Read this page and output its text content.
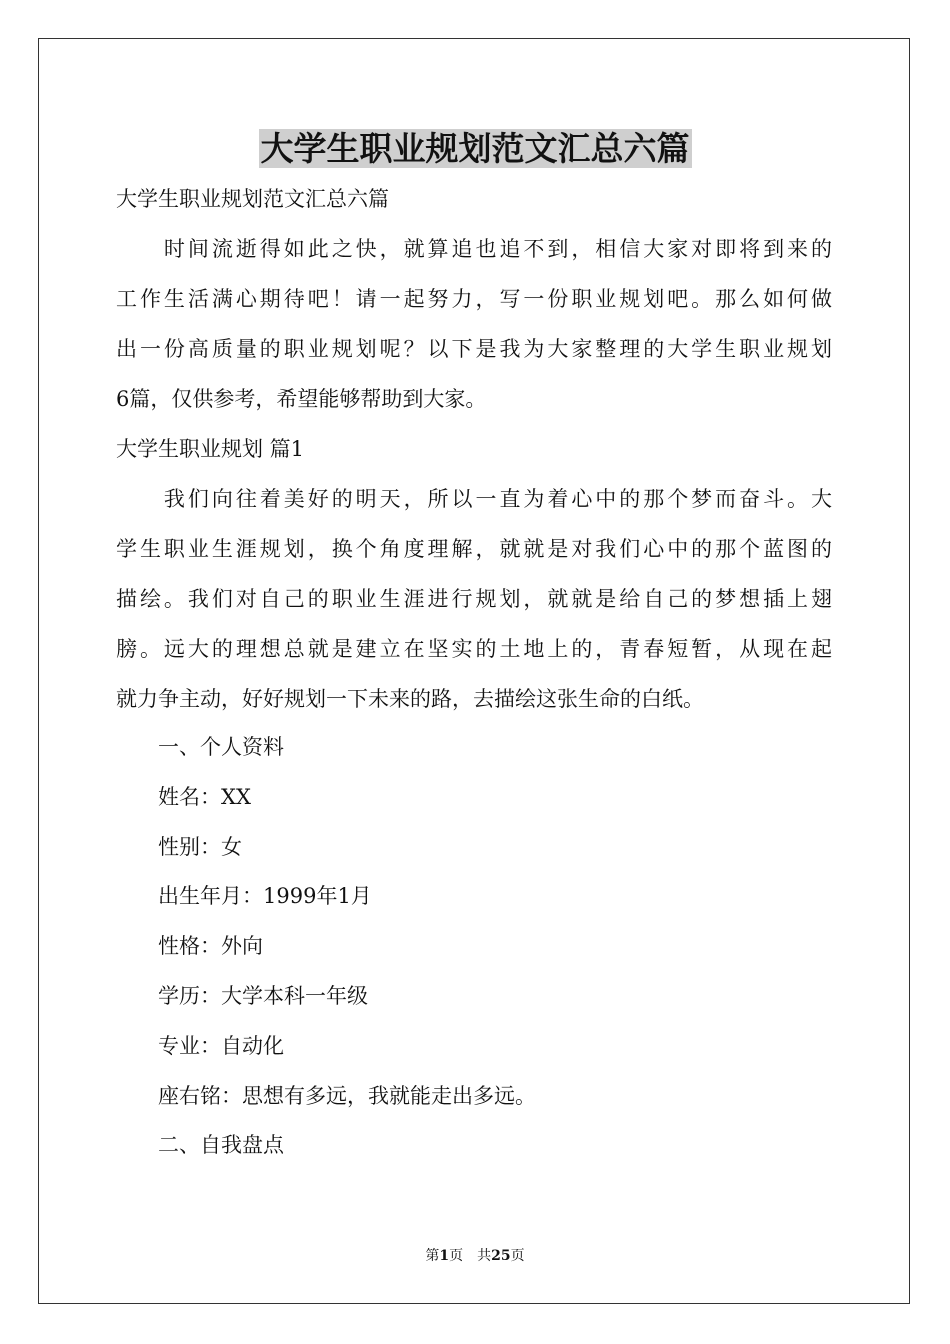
大学生职业规划范文汇总六篇
大学生职业规划范文汇总六篇
　　时间流逝得如此之快，就算追也追不到，相信大家对即将到来的
工作生活满心期待吧！请一起努力，写一份职业规划吧。那么如何做
出一份高质量的职业规划呢？以下是我为大家整理的大学生职业规划
6篇，仅供参考，希望能够帮助到大家。
大学生职业规划 篇1
　　我们向往着美好的明天，所以一直为着心中的那个梦而奋斗。大
学生职业生涯规划，换个角度理解，就就是对我们心中的那个蓝图的
描绘。我们对自己的职业生涯进行规划，就就是给自己的梦想插上翅
膀。远大的理想总就是建立在坚实的土地上的，青春短暂，从现在起
就力争主动，好好规划一下未来的路，去描绘这张生命的白纸。
　　一、个人资料
　　姓名：XX
　　性别：女
　　出生年月：1999年1月
　　性格：外向
　　学历：大学本科一年级
　　专业：自动化
　　座右铭：思想有多远，我就能走出多远。
　　二、自我盘点
第1页　共25页
